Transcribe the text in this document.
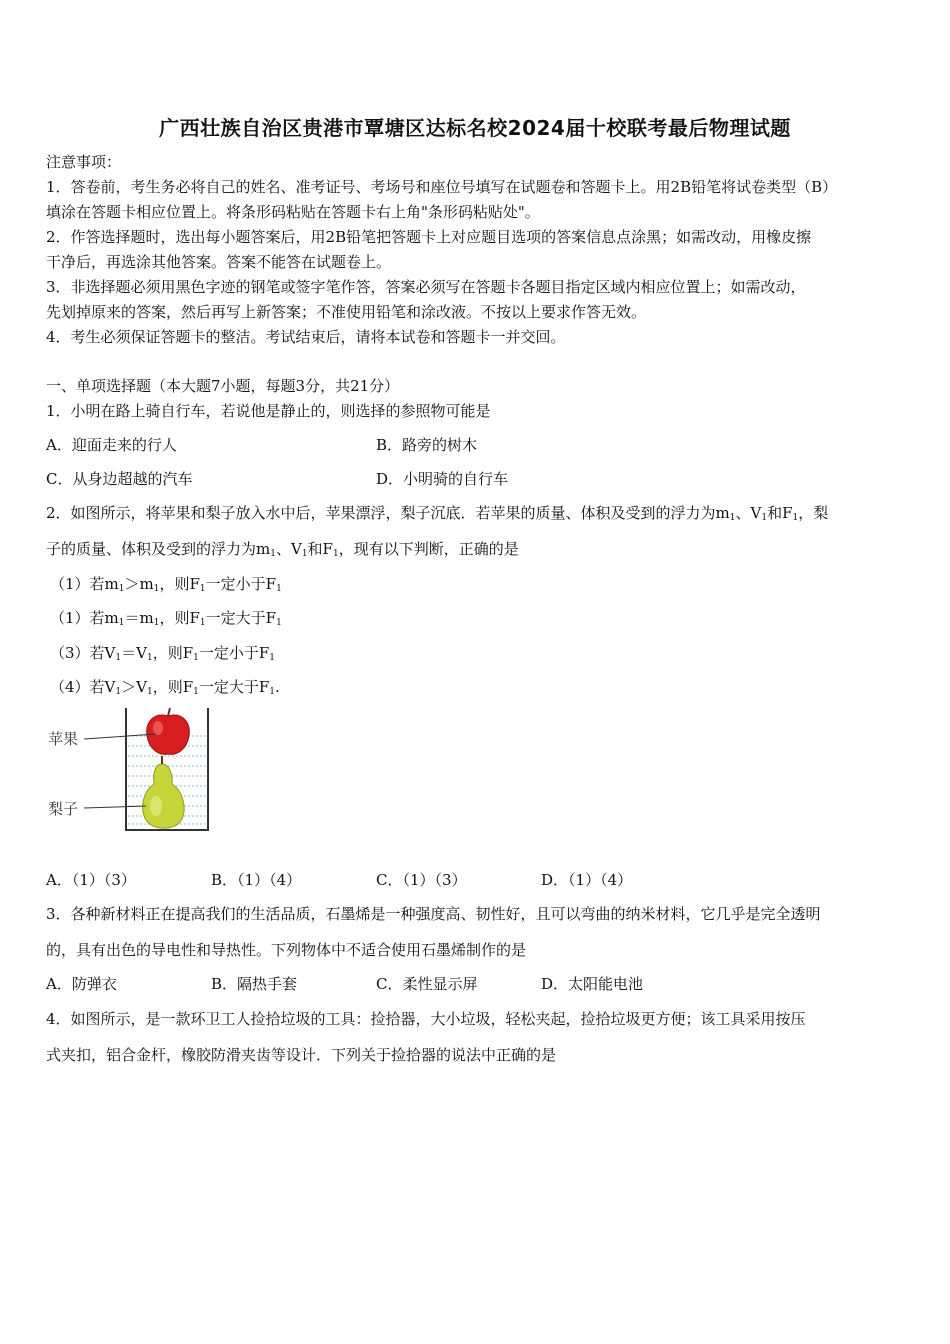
广西壮族自治区贵港市覃塘区达标名校2024届十校联考最后物理试题
注意事项：
1．答卷前，考生务必将自己的姓名、准考证号、考场号和座位号填写在试题卷和答题卡上。用2B铅笔将试卷类型（B）
填涂在答题卡相应位置上。将条形码粘贴在答题卡右上角"条形码粘贴处"。
2．作答选择题时，选出每小题答案后，用2B铅笔把答题卡上对应题目选项的答案信息点涂黑；如需改动，用橡皮擦
干净后，再选涂其他答案。答案不能答在试题卷上。
3．非选择题必须用黑色字迹的钢笔或签字笔作答，答案必须写在答题卡各题目指定区域内相应位置上；如需改动，
先划掉原来的答案，然后再写上新答案；不准使用铅笔和涂改液。不按以上要求作答无效。
4．考生必须保证答题卡的整洁。考试结束后，请将本试卷和答题卡一并交回。
一、单项选择题（本大题7小题，每题3分，共21分）
1．小明在路上骑自行车，若说他是静止的，则选择的参照物可能是
A．迎面走来的行人	B．路旁的树木
C．从身边超越的汽车	D．小明骑的自行车
2．如图所示，将苹果和梨子放入水中后，苹果漂浮，梨子沉底．若苹果的质量、体积及受到的浮力为$m_1$、$V_1$和$F_1$，梨
子的质量、体积及受到的浮力为$m_1$、$V_1$和$F_1$，现有以下判断，正确的是
（1）若$m_1>m_1$，则$F_1$一定小于$F_1$
（1）若$m_1=m_1$，则$F_1$一定大于$F_1$
（3）若$V_1=V_1$，则$F_1$一定小于$F_1$
（4）若$V_1>V_1$，则$F_1$一定大于$F_1$.
苹果
梨子
A．（1）（3）	B．（1）（4）	C．（1）（3）	D．（1）（4）
3．各种新材料正在提高我们的生活品质，石墨烯是一种强度高、韧性好，且可以弯曲的纳米材料，它几乎是完全透明
的，具有出色的导电性和导热性。下列物体中不适合使用石墨烯制作的是
A．防弹衣	B．隔热手套	C．柔性显示屏	D．太阳能电池
4．如图所示，是一款环卫工人捡拾垃圾的工具：捡拾器，大小垃圾，轻松夹起，捡拾垃圾更方便；该工具采用按压
式夹扣，铝合金杆，橡胶防滑夹齿等设计．下列关于捡拾器的说法中正确的是
